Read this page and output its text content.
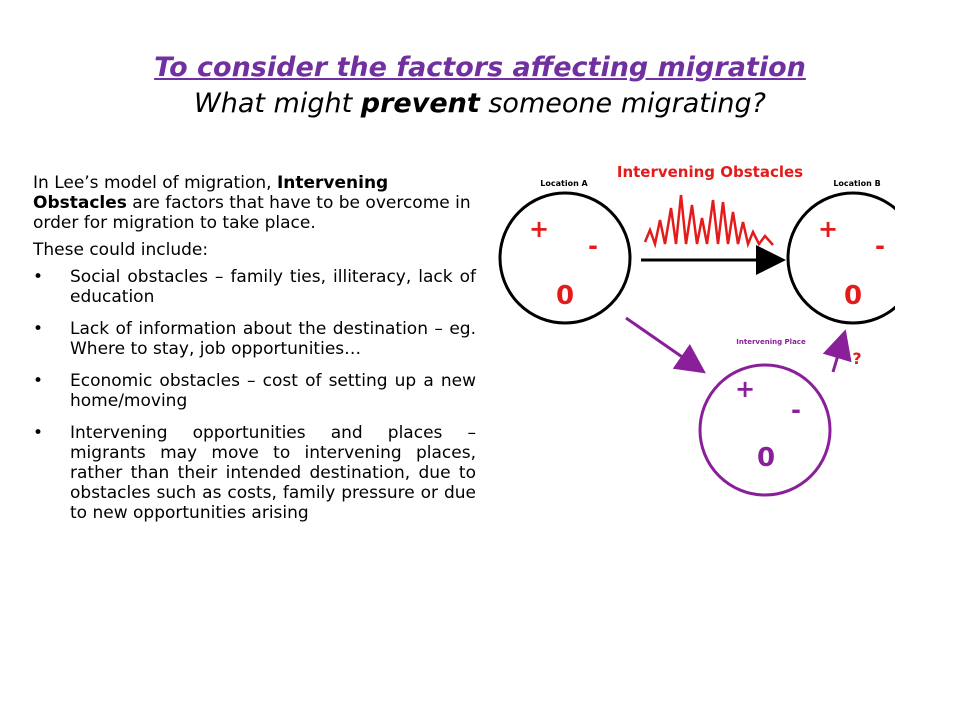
To consider the factors affecting migration
What might prevent someone migrating?

In Lee’s model of migration, Intervening Obstacles are factors that have to be overcome in order for migration to take place.

These could include:

• Social obstacles – family ties, illiteracy, lack of education
• Lack of information about the destination – eg. Where to stay, job opportunities…
• Economic obstacles – cost of setting up a new home/moving
• Intervening opportunities and places – migrants may move to intervening places, rather than their intended destination, due to obstacles such as costs, family pressure or due to new opportunities arising
Location A
+
-
0
Location B
+
-
0
Intervening Obstacles
Intervening Place
+
-
0
?
